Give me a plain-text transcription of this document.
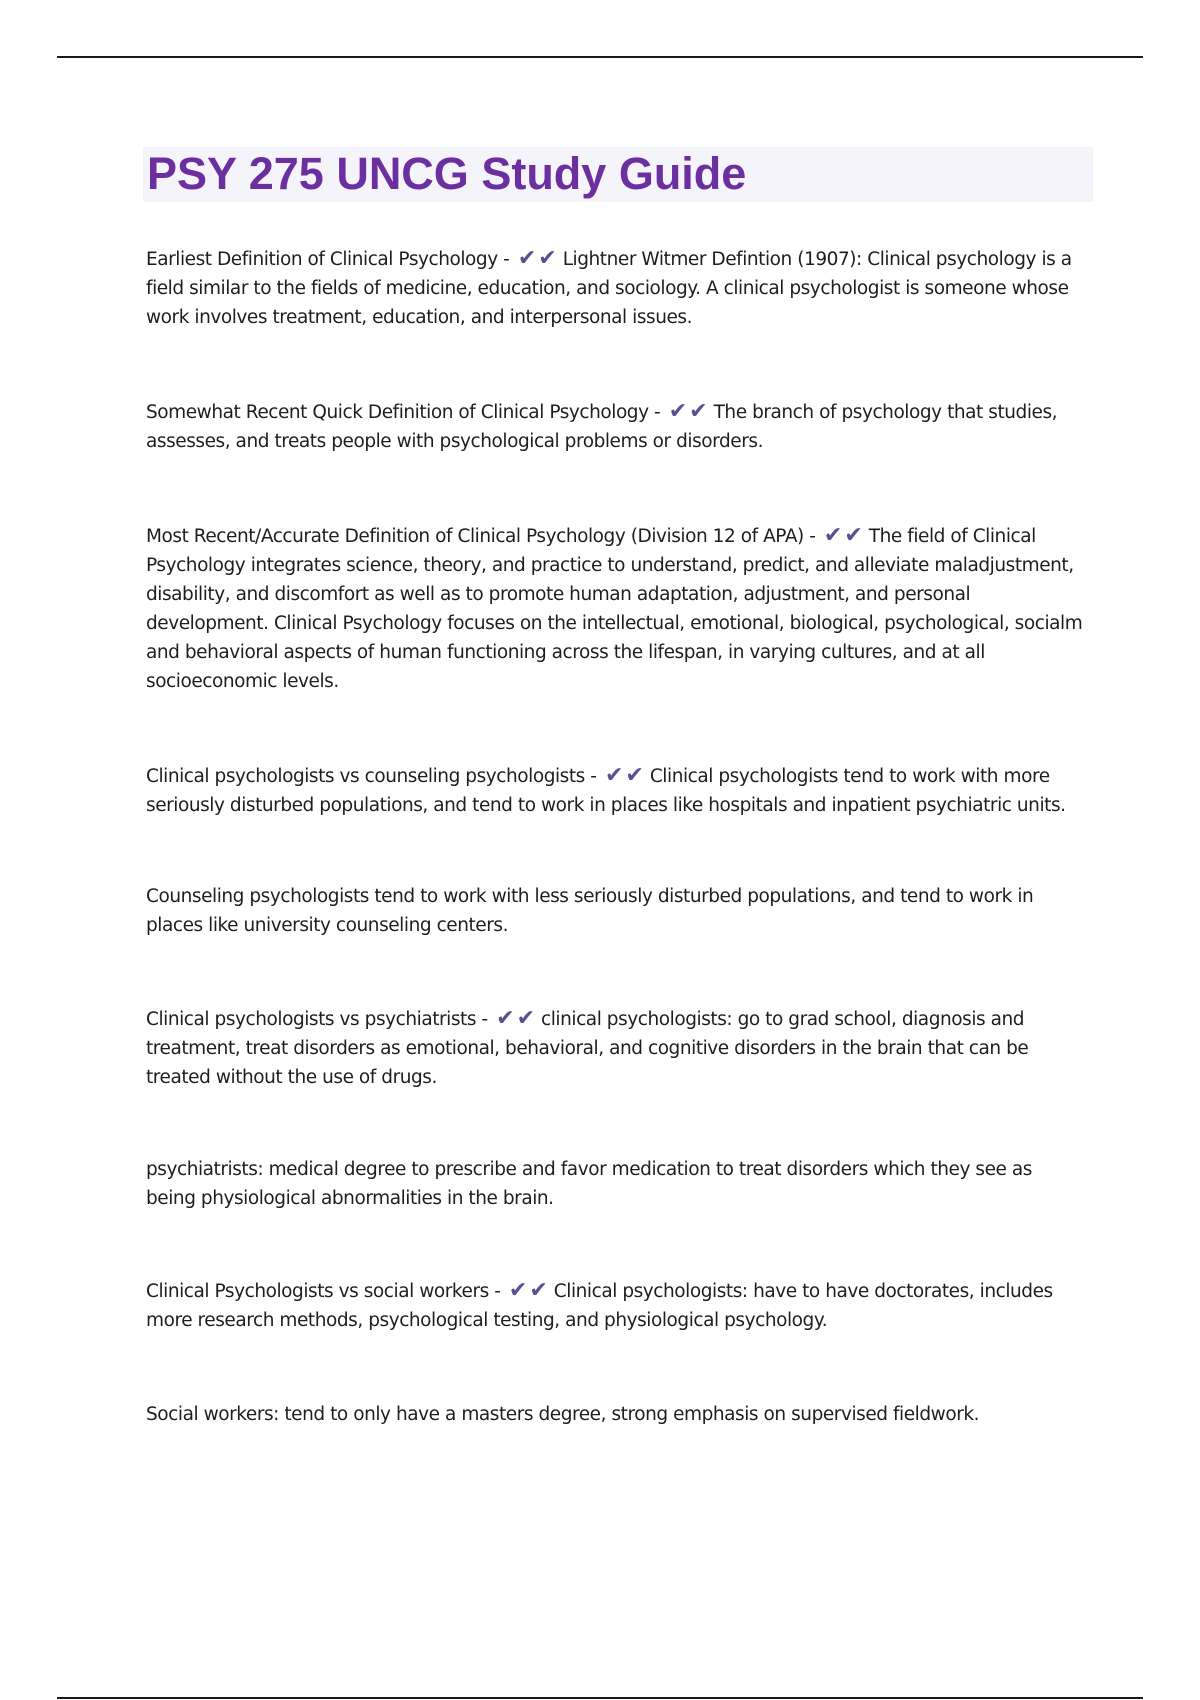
PSY 275 UNCG Study Guide

Earliest Definition of Clinical Psychology - ✔✔ Lightner Witmer Defintion (1907): Clinical psychology is a field similar to the fields of medicine, education, and sociology. A clinical psychologist is someone whose work involves treatment, education, and interpersonal issues.

Somewhat Recent Quick Definition of Clinical Psychology - ✔✔ The branch of psychology that studies, assesses, and treats people with psychological problems or disorders.

Most Recent/Accurate Definition of Clinical Psychology (Division 12 of APA) - ✔✔ The field of Clinical Psychology integrates science, theory, and practice to understand, predict, and alleviate maladjustment, disability, and discomfort as well as to promote human adaptation, adjustment, and personal development. Clinical Psychology focuses on the intellectual, emotional, biological, psychological, socialm and behavioral aspects of human functioning across the lifespan, in varying cultures, and at all socioeconomic levels.

Clinical psychologists vs counseling psychologists - ✔✔ Clinical psychologists tend to work with more seriously disturbed populations, and tend to work in places like hospitals and inpatient psychiatric units.

Counseling psychologists tend to work with less seriously disturbed populations, and tend to work in places like university counseling centers.

Clinical psychologists vs psychiatrists - ✔✔ clinical psychologists: go to grad school, diagnosis and treatment, treat disorders as emotional, behavioral, and cognitive disorders in the brain that can be treated without the use of drugs.

psychiatrists: medical degree to prescribe and favor medication to treat disorders which they see as being physiological abnormalities in the brain.

Clinical Psychologists vs social workers - ✔✔ Clinical psychologists: have to have doctorates, includes more research methods, psychological testing, and physiological psychology.

Social workers: tend to only have a masters degree, strong emphasis on supervised fieldwork.
